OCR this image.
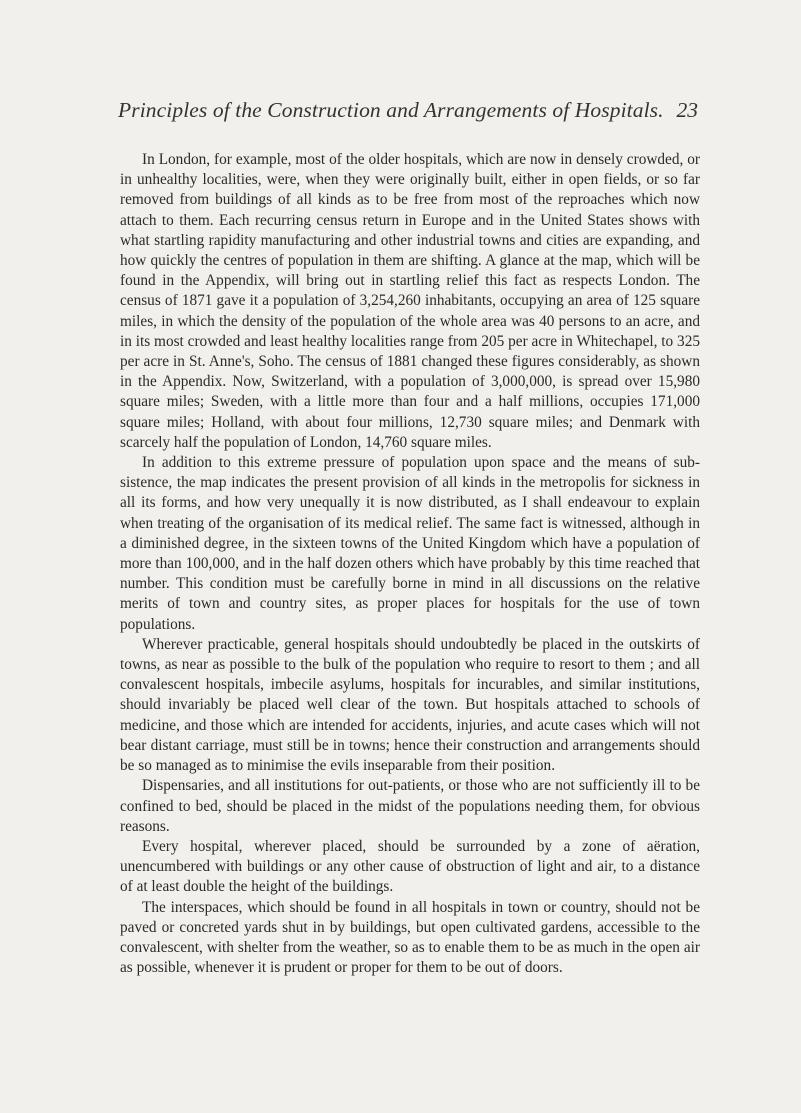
Principles of the Construction and Arrangements of Hospitals. 23

In London, for example, most of the older hospitals, which are now in densely crowded, or in unhealthy localities, were, when they were originally built, either in open fields, or so far removed from buildings of all kinds as to be free from most of the reproaches which now attach to them. Each recurring census return in Europe and in the United States shows with what startling rapidity manufacturing and other industrial towns and cities are expanding, and how quickly the centres of population in them are shifting. A glance at the map, which will be found in the Appendix, will bring out in startling relief this fact as respects London. The census of 1871 gave it a population of 3,254,260 inhabitants, occupying an area of 125 square miles, in which the density of the population of the whole area was 40 persons to an acre, and in its most crowded and least healthy localities range from 205 per acre in Whitechapel, to 325 per acre in St. Anne's, Soho. The census of 1881 changed these figures considerably, as shown in the Appendix. Now, Switzerland, with a population of 3,000,000, is spread over 15,980 square miles; Sweden, with a little more than four and a half millions, occupies 171,000 square miles; Holland, with about four millions, 12,730 square miles; and Denmark with scarcely half the population of London, 14,760 square miles.

In addition to this extreme pressure of population upon space and the means of sub-sistence, the map indicates the present provision of all kinds in the metropolis for sickness in all its forms, and how very unequally it is now distributed, as I shall endeavour to explain when treating of the organisation of its medical relief. The same fact is witnessed, although in a diminished degree, in the sixteen towns of the United Kingdom which have a population of more than 100,000, and in the half dozen others which have probably by this time reached that number. This condition must be carefully borne in mind in all discussions on the relative merits of town and country sites, as proper places for hospitals for the use of town populations.

Wherever practicable, general hospitals should undoubtedly be placed in the outskirts of towns, as near as possible to the bulk of the population who require to resort to them ; and all convalescent hospitals, imbecile asylums, hospitals for incurables, and similar institutions, should invariably be placed well clear of the town. But hospitals attached to schools of medicine, and those which are intended for accidents, injuries, and acute cases which will not bear distant carriage, must still be in towns; hence their construction and arrangements should be so managed as to minimise the evils inseparable from their position.

Dispensaries, and all institutions for out-patients, or those who are not sufficiently ill to be confined to bed, should be placed in the midst of the populations needing them, for obvious reasons.

Every hospital, wherever placed, should be surrounded by a zone of aëration, unencumbered with buildings or any other cause of obstruction of light and air, to a distance of at least double the height of the buildings.

The interspaces, which should be found in all hospitals in town or country, should not be paved or concreted yards shut in by buildings, but open cultivated gardens, accessible to the convalescent, with shelter from the weather, so as to enable them to be as much in the open air as possible, whenever it is prudent or proper for them to be out of doors.
